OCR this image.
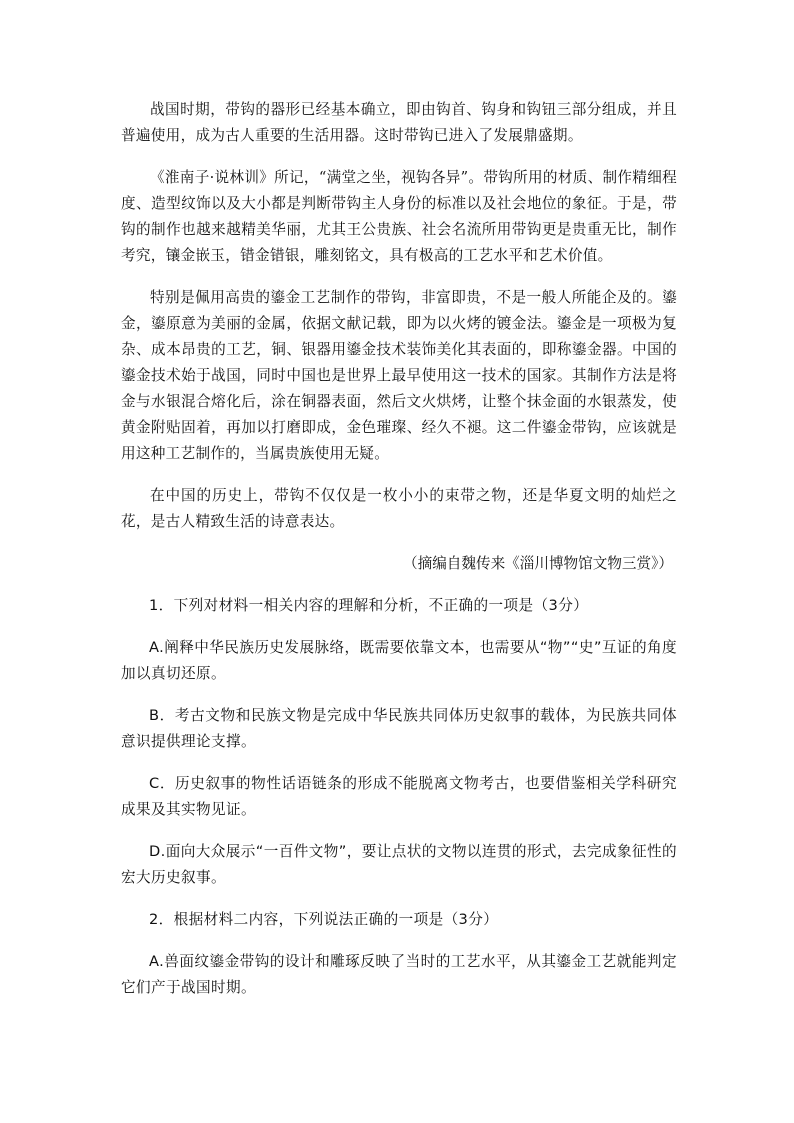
战国时期，带钩的器形已经基本确立，即由钩首、钩身和钩钮三部分组成，并且普遍使用，成为古人重要的生活用器。这时带钩已进入了发展鼎盛期。

《淮南子·说林训》所记，“满堂之坐，视钩各异”。带钩所用的材质、制作精细程度、造型纹饰以及大小都是判断带钩主人身份的标准以及社会地位的象征。于是，带钩的制作也越来越精美华丽，尤其王公贵族、社会名流所用带钩更是贵重无比，制作考究，镶金嵌玉，错金错银，雕刻铭文，具有极高的工艺水平和艺术价值。

特别是佩用高贵的鎏金工艺制作的带钩，非富即贵，不是一般人所能企及的。鎏金，鎏原意为美丽的金属，依据文献记载，即为以火烤的镀金法。鎏金是一项极为复杂、成本昂贵的工艺，铜、银器用鎏金技术装饰美化其表面的，即称鎏金器。中国的鎏金技术始于战国，同时中国也是世界上最早使用这一技术的国家。其制作方法是将金与水银混合熔化后，涂在铜器表面，然后文火烘烤，让整个抹金面的水银蒸发，使黄金附贴固着，再加以打磨即成，金色璀璨、经久不褪。这二件鎏金带钩，应该就是用这种工艺制作的，当属贵族使用无疑。

在中国的历史上，带钩不仅仅是一枚小小的束带之物，还是华夏文明的灿烂之花，是古人精致生活的诗意表达。

（摘编自魏传来《淄川博物馆文物三赏》）

1．下列对材料一相关内容的理解和分析，不正确的一项是（3分）

A.阐释中华民族历史发展脉络，既需要依靠文本，也需要从“物”“史”互证的角度加以真切还原。

B．考古文物和民族文物是完成中华民族共同体历史叙事的载体，为民族共同体意识提供理论支撑。

C．历史叙事的物性话语链条的形成不能脱离文物考古，也要借鉴相关学科研究成果及其实物见证。

D.面向大众展示“一百件文物”，要让点状的文物以连贯的形式，去完成象征性的宏大历史叙事。

2．根据材料二内容，下列说法正确的一项是（3分）

A.兽面纹鎏金带钩的设计和雕琢反映了当时的工艺水平，从其鎏金工艺就能判定它们产于战国时期。
